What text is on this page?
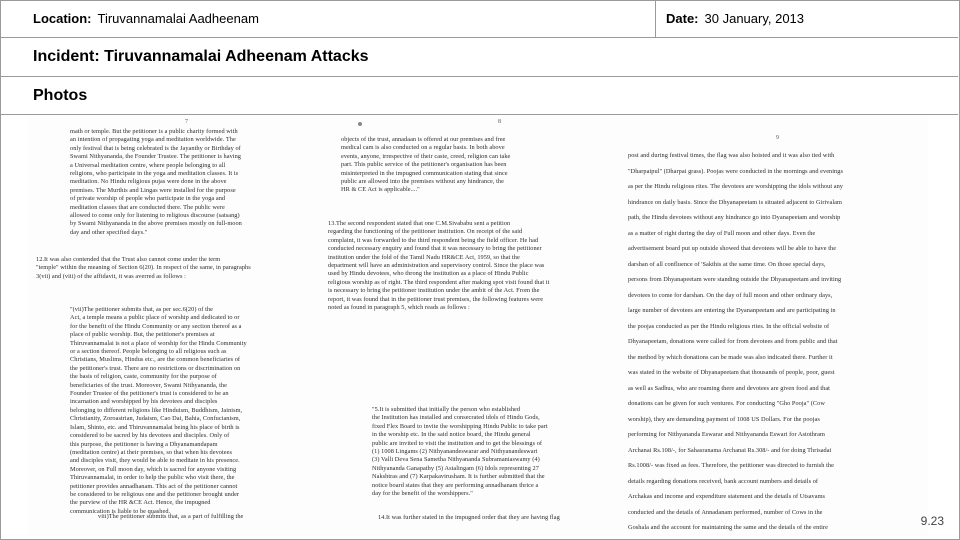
Location: Tiruvannamalai Aadheenam	Date: 30 January, 2013
Incident: Tiruvannamalai Adheenam Attacks
Photos
7
math or temple. But the petitioner is a public charity formed with
an intention of propagating yoga and meditation worldwide. The
only festival that is being celebrated is the Jayanthy or Birthday of
Swami Nithyananda, the Founder Trustee. The petitioner is having
a Universal meditation centre, where people belonging to all
religions, who participate in the yoga and meditation classes. It is
meditation. No Hindu religious pujas were done in the above
premises. The Murthis and Lingas were installed for the purpose
of private worship of people who participate in the yoga and
meditation classes that are conducted there. The public were
allowed to come only for listening to religious discourse (satsang)
by Swami Nithyananda in the above premises mostly on full-moon
day and other specified days."
12.It was also contended that the Trust also cannot come under the term
"temple" within the meaning of Section 6(20). In respect of the same, in paragraphs
3(vii) and (viii) of the affidavit, it was averred as follows :
"(vii)The petitioner submits that, as per sec.6(20) of the
Act, a temple means a public place of worship and dedicated to or
for the benefit of the Hindu Community or any section thereof as a
place of public worship. But, the petitioner's premises at
Thiruvannamalai is not a place of worship for the Hindu Community
or a section thereof. People belonging to all religious such as
Christians, Muslims, Hindus etc., are the common beneficiaries of
the petitioner's trust. There are no restrictions or discrimination on
the basis of religion, caste, community for the purpose of
beneficiaries of the trust. Moreover, Swami Nithyananda, the
Founder Trustee of the petitioner's trust is considered to be an
incarnation and worshipped by his devotees and disciples
belonging to different religions like Hinduism, Buddhism, Jainism,
Christianity, Zoroastrian, Judaism, Cao Dai, Bahia, Confucianism,
Islam, Shinto, etc. and Thiruvannamalai being his place of birth is
considered to be sacred by his devotees and disciples. Only of
this purpose, the petitioner is having a Dhyanamandapam
(meditation centre) at their premises, so that when his devotees
and disciples visit, they would be able to meditate in his presence.
Moreover, on Full moon day, which is sacred for anyone visiting
Thiruvannamalai, in order to help the public who visit there, the
petitioner provides annadhanam. This act of the petitioner cannot
be considered to be religious one and the petitioner brought under
the purview of the HR &CE Act. Hence, the impugned
communication is liable to be quashed.
viii)The petitioner submits that, as a part of fulfilling the
8
objects of the trust, annadaan is offered at our premises and free
medical cam is also conducted on a regular basis. In both above
events, anyone, irrespective of their caste, creed, religion can take
part. This public service of the petitioner's organisation has been
misinterpreted in the impugned communication stating that since
public are allowed into the premises without any hindrance, the
HR & CE Act is applicable...."
13.The second respondent stated that one C.M.Sivababu sent a petition
regarding the functioning of the petitioner institution. On receipt of the said
complaint, it was forwarded to the third respondent being the field officer. He had
conducted necessary enquiry and found that it was necessary to bring the petitioner
institution under the fold of the Tamil Nadu HR&CE Act, 1959, so that the
department will have an administration and supervisory control. Since the place was
used by Hindu devotees, who throng the institution as a place of Hindu Public
religious worship as of right. The third respondent after making spot visit found that it
is necessary to bring the petitioner institution under the ambit of the Act. From the
report, it was found that in the petitioner trust premises, the following features were
noted as found in paragraph 5, which reads as follows :
"5.It is submitted that initially the person who established
the Institution has installed and consecrated idols of Hindu Gods,
fixed Flex Board to invite the worshipping Hindu Public to take part
in the worship etc. In the said notice board, the Hindu general
public are invited to visit the institution and to get the blessings of
(1) 1008 Lingams (2) Nithyanandeswarar and Nithyanandeswari
(3) Valli Deva Sena Sametha Nithyananda Subramaniaswamy (4)
Nithyananda Ganapathy (5) Astalingam (6) Idols representing 27
Nakshtras and (7) Karpakavirusham. It is further submitted that the
notice board states that they are performing annadhanam thrice a
day for the benefit of the worshippers."
14.It was further stated in the impugned order that they are having flag
9
post and during festival times, the flag was also hoisted and it was also tied with
"Dharpaipul" (Dharpai grass). Poojas were conducted in the mornings and evenings
as per the Hindu religious rites. The devotees are worshipping the idols without any
hindrance on daily basis. Since the Dhyanapeetam is situated adjacent to Girivalam
path, the Hindu devotees without any hindrance go into Dyanapeetam and worship
as a matter of right during the day of Full moon and other days. Even the
advertisement board put up outside showed that devotees will be able to have the
darshan of all confluence of 'Sakthis at the same time. On those special days,
persons from Dhyanapeetam were standing outside the Dhyanapeetam and inviting
devotees to come for darshan. On the day of full moon and other ordinary days,
large number of devotees are entering the Dyananpeetam and are participating in
the poojas conducted as per the Hindu religious rites. In the official website of
Dhyanapeetam, donations were called for from devotees and from public and that
the method by which donations can be made was also indicated there. Further it
was stated in the website of Dhyanapeetam that thousands of people, poor, guest
as well as Sadhus, who are roaming there and devotees are given food and that
donations can be given for such ventures. For conducting "Gho Pooja" (Cow
worship), they are demanding payment of 1008 US Dollars. For the poojas
performing for Nithyananda Eswarar and Nithyananda Eswari for Astothram
Archanai Rs.108/-, for Sahasranama Archanai Rs.308/- and for doing Thrisadai
Rs.1008/- was fixed as fees. Therefore, the petitioner was directed to furnish the
details regarding donations received, bank account numbers and details of
Archakas and income and expenditure statement and the details of Utsavams
conducted and the details of Annadanam performed, number of Cows in the
Goshala and the account for maintaining the same and the details of the entire	9.23
